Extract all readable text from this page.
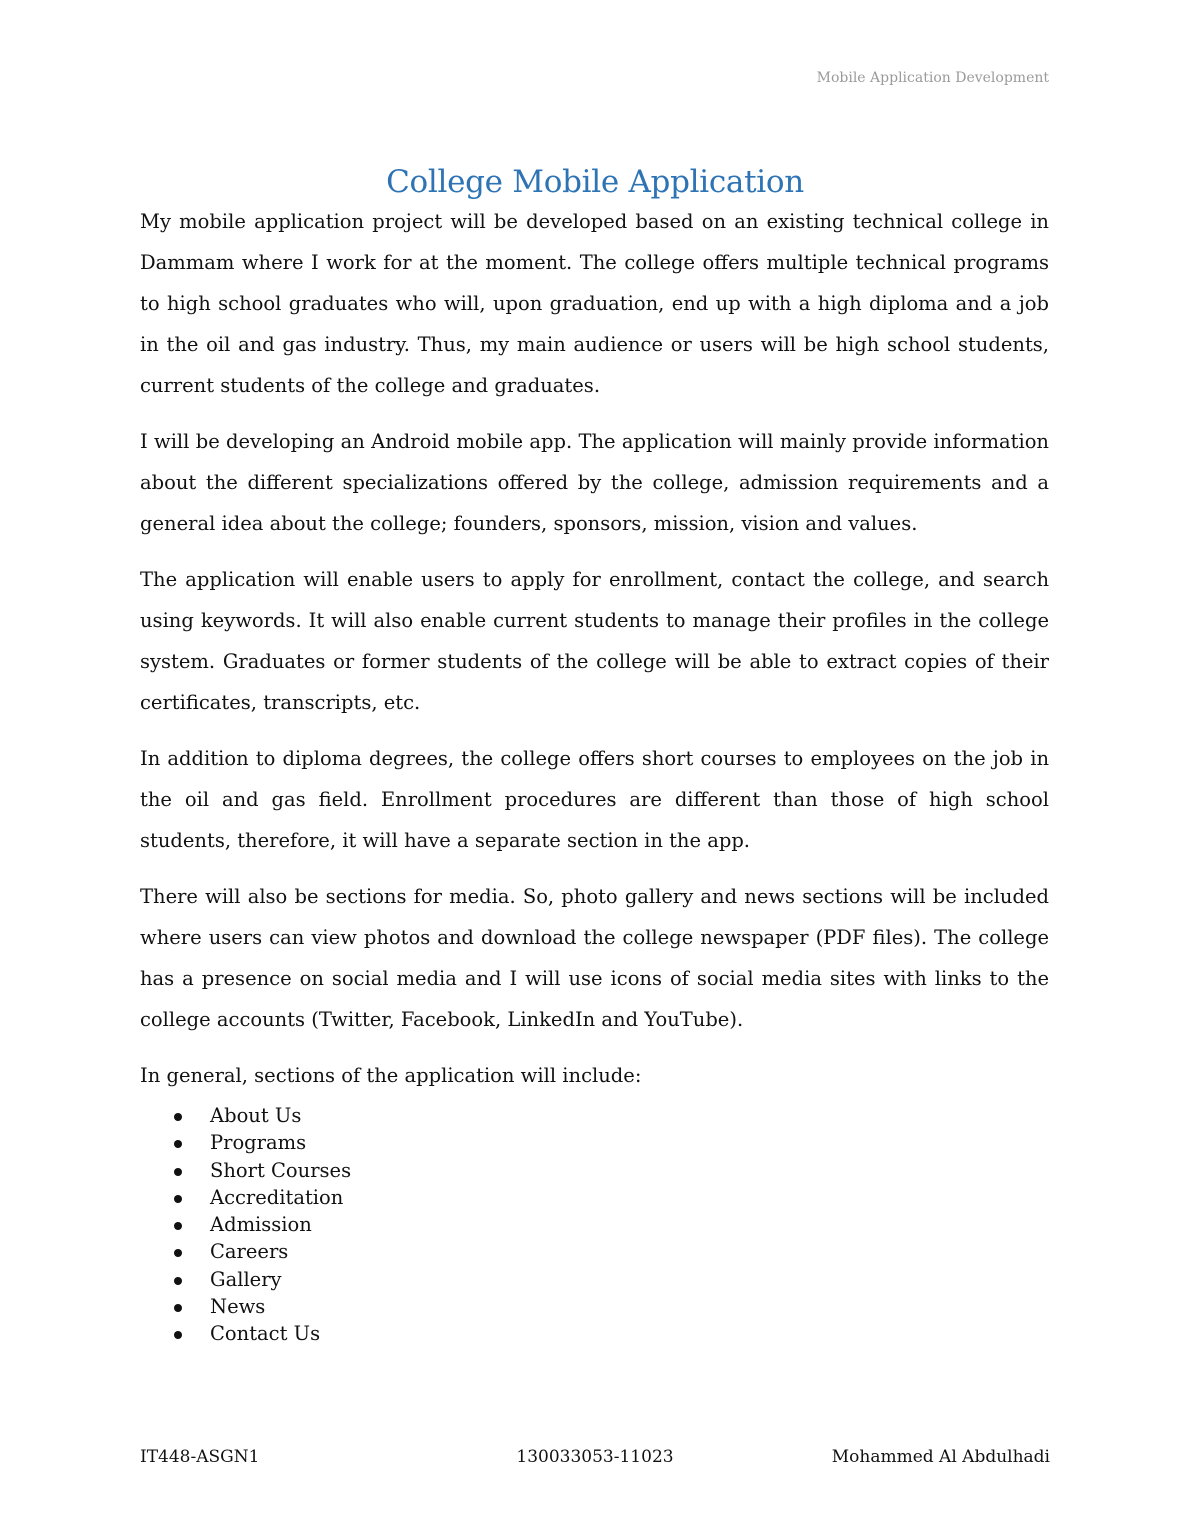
Mobile Application Development
College Mobile Application

My mobile application project will be developed based on an existing technical college in Dammam where I work for at the moment. The college offers multiple technical programs to high school graduates who will, upon graduation, end up with a high diploma and a job in the oil and gas industry. Thus, my main audience or users will be high school students, current students of the college and graduates.

I will be developing an Android mobile app. The application will mainly provide information about the different specializations offered by the college, admission requirements and a general idea about the college; founders, sponsors, mission, vision and values.

The application will enable users to apply for enrollment, contact the college, and search using keywords. It will also enable current students to manage their profiles in the college system. Graduates or former students of the college will be able to extract copies of their certificates, transcripts, etc.

In addition to diploma degrees, the college offers short courses to employees on the job in the oil and gas field. Enrollment procedures are different than those of high school students, therefore, it will have a separate section in the app.

There will also be sections for media. So, photo gallery and news sections will be included where users can view photos and download the college newspaper (PDF files). The college has a presence on social media and I will use icons of social media sites with links to the college accounts (Twitter, Facebook, LinkedIn and YouTube).

In general, sections of the application will include:

About Us
Programs
Short Courses
Accreditation
Admission
Careers
Gallery
News
Contact Us
130033053-11023
IT448-ASGN1	Mohammed Al Abdulhadi
